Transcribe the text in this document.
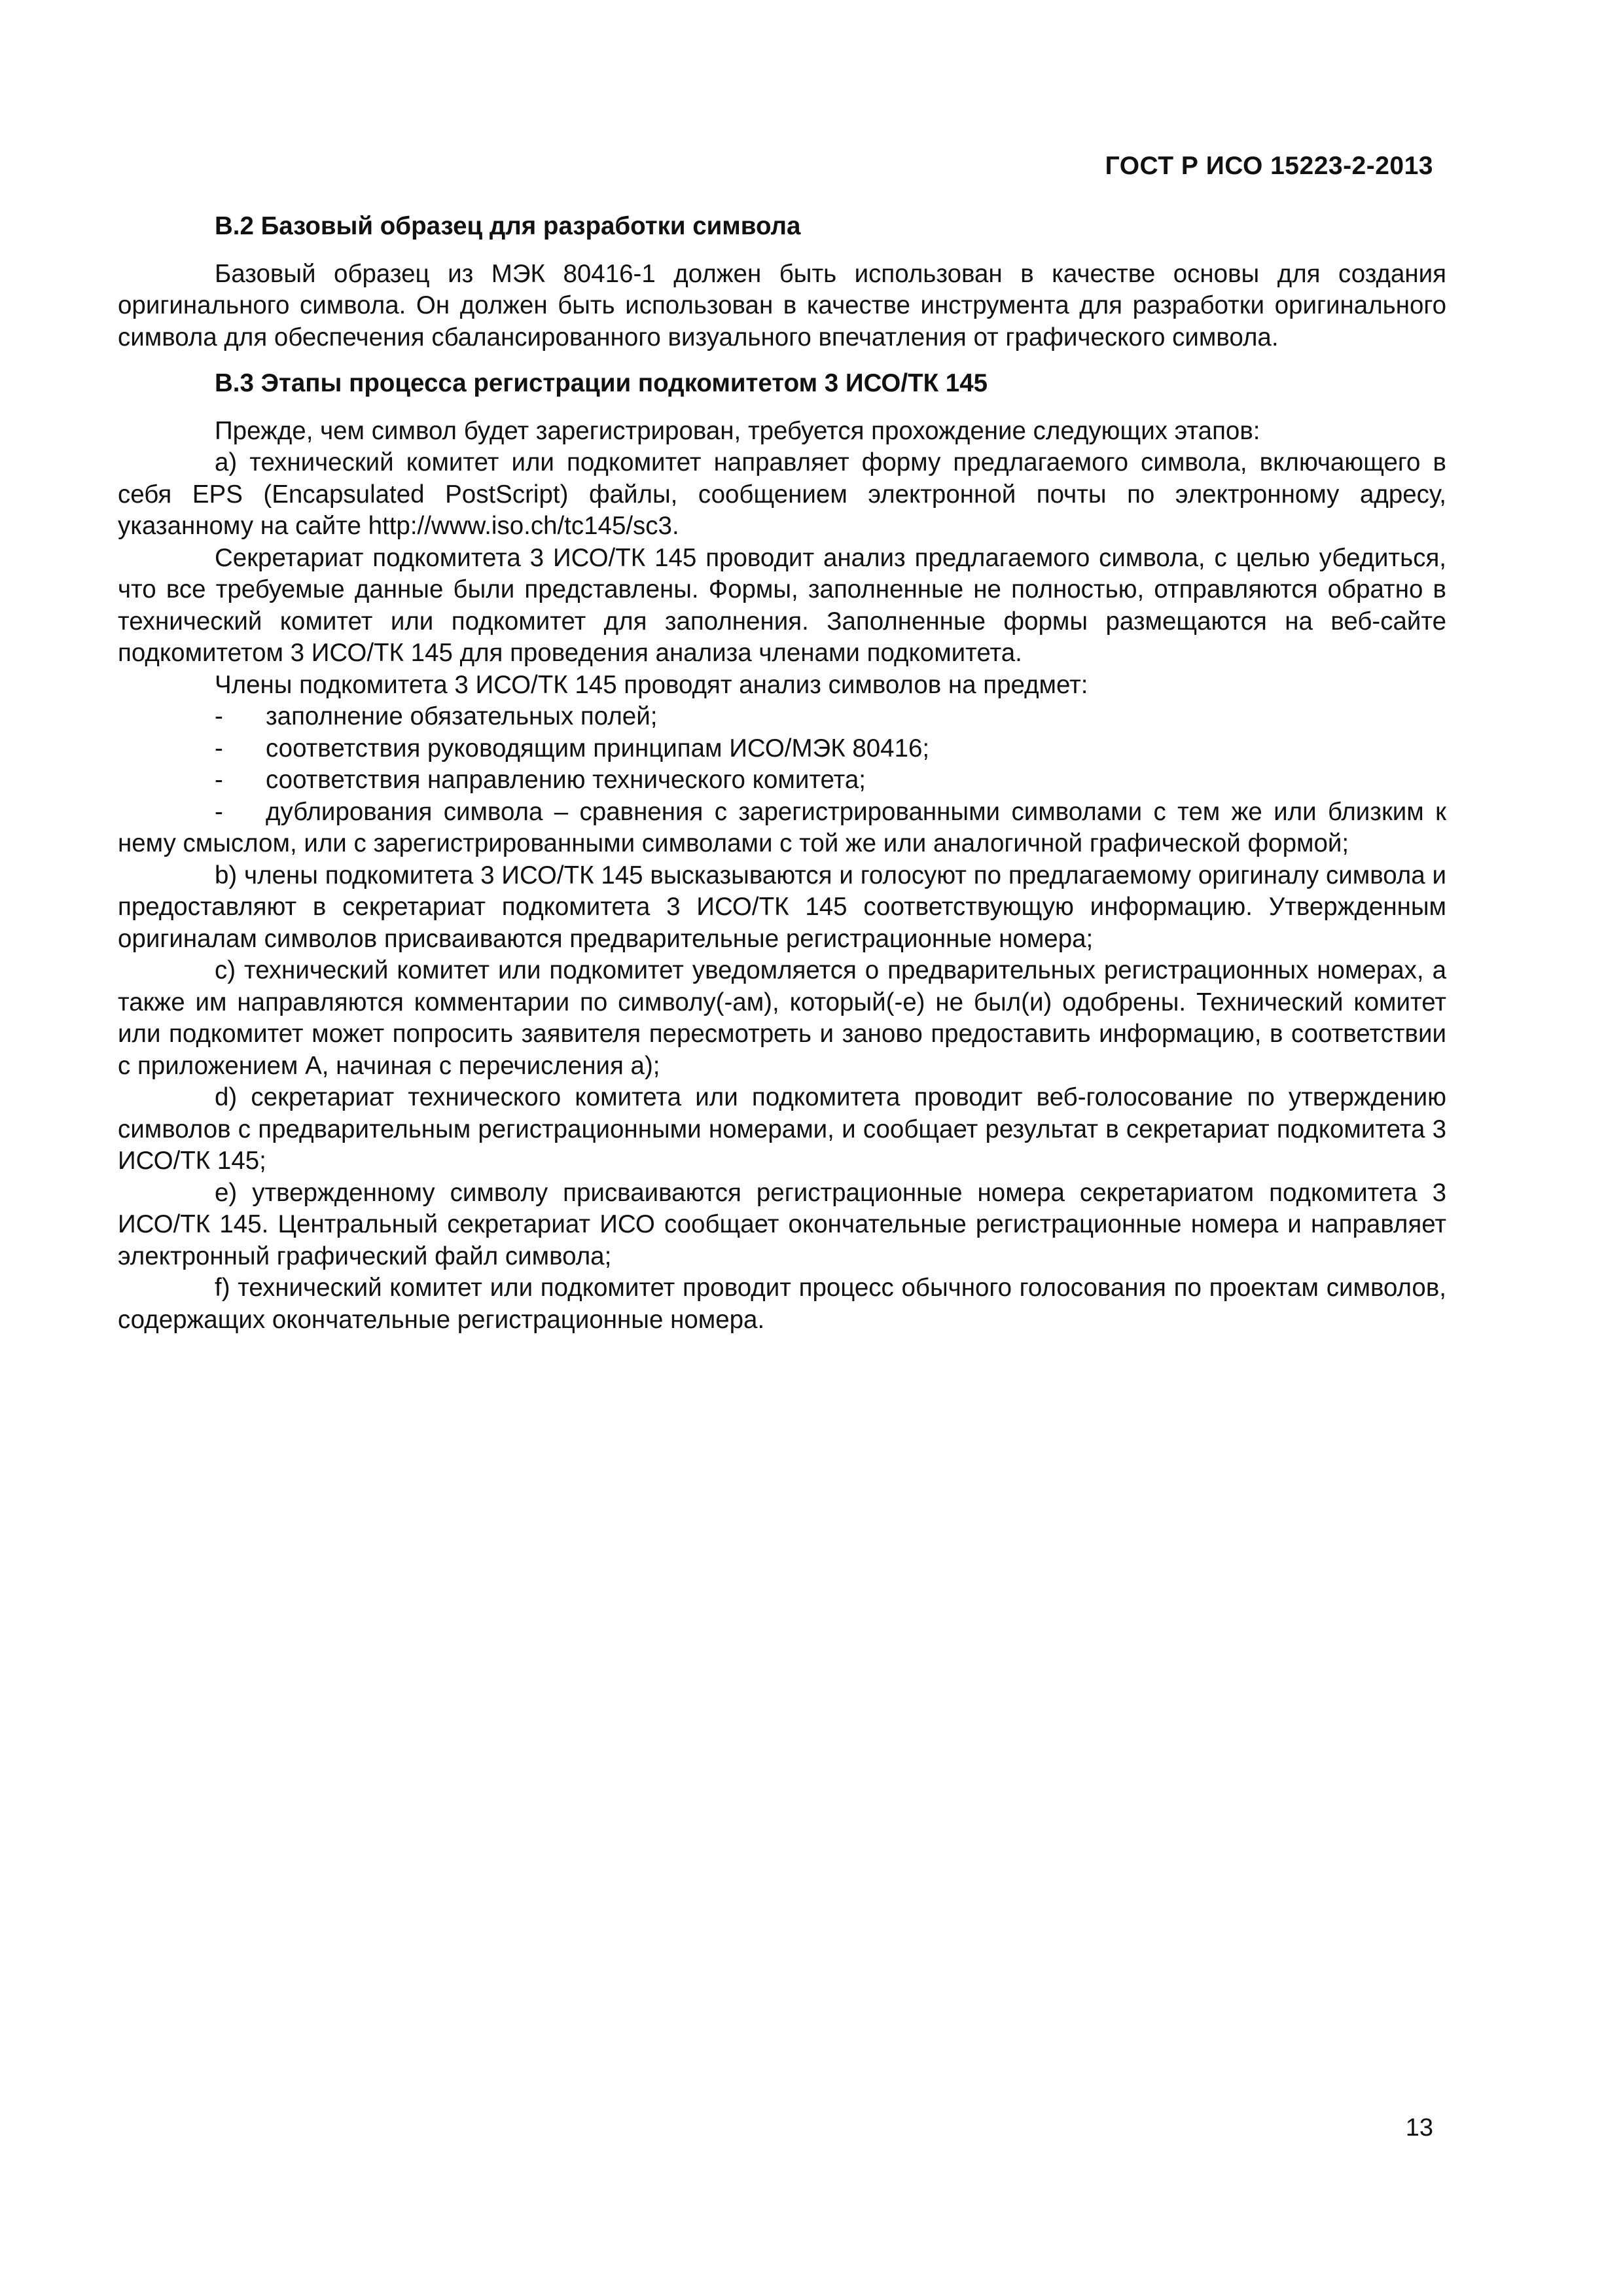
ГОСТ Р ИСО 15223-2-2013
В.2 Базовый образец для разработки символа

Базовый образец из МЭК 80416-1 должен быть использован в качестве основы для создания оригинального символа. Он должен быть использован в качестве инструмента для разработки оригинального символа для обеспечения сбалансированного визуального впечатления от графического символа.

В.3 Этапы процесса регистрации подкомитетом 3 ИСО/ТК 145

Прежде, чем символ будет зарегистрирован, требуется прохождение следующих этапов:

а) технический комитет или подкомитет направляет форму предлагаемого символа, включающего в себя EPS (Encapsulated PostScript) файлы, сообщением электронной почты по электронному адресу, указанному на сайте http://www.iso.ch/tc145/sc3.

Секретариат подкомитета 3 ИСО/ТК 145 проводит анализ предлагаемого символа, с целью убедиться, что все требуемые данные были представлены. Формы, заполненные не полностью, отправляются обратно в технический комитет или подкомитет для заполнения. Заполненные формы размещаются на веб-сайте подкомитетом 3 ИСО/ТК 145 для проведения анализа членами подкомитета.

Члены подкомитета 3 ИСО/ТК 145 проводят анализ символов на предмет:

- заполнение обязательных полей;
- соответствия руководящим принципам ИСО/МЭК 80416;
- соответствия направлению технического комитета;
- дублирования символа – сравнения с зарегистрированными символами с тем же или близким к нему смыслом, или с зарегистрированными символами с той же или аналогичной графической формой;

b) члены подкомитета 3 ИСО/ТК 145 высказываются и голосуют по предлагаемому оригиналу символа и предоставляют в секретариат подкомитета 3 ИСО/ТК 145 соответствующую информацию. Утвержденным оригиналам символов присваиваются предварительные регистрационные номера;

c) технический комитет или подкомитет уведомляется о предварительных регистрационных номерах, а также им направляются комментарии по символу(-ам), который(-е) не был(и) одобрены. Технический комитет или подкомитет может попросить заявителя пересмотреть и заново предоставить информацию, в соответствии с приложением А, начиная с перечисления а);

d) секретариат технического комитета или подкомитета проводит веб-голосование по утверждению символов с предварительным регистрационными номерами, и сообщает результат в секретариат подкомитета 3 ИСО/ТК 145;

e) утвержденному символу присваиваются регистрационные номера секретариатом подкомитета 3 ИСО/ТК 145. Центральный секретариат ИСО сообщает окончательные регистрационные номера и направляет электронный графический файл символа;

f) технический комитет или подкомитет проводит процесс обычного голосования по проектам символов, содержащих окончательные регистрационные номера.

13
